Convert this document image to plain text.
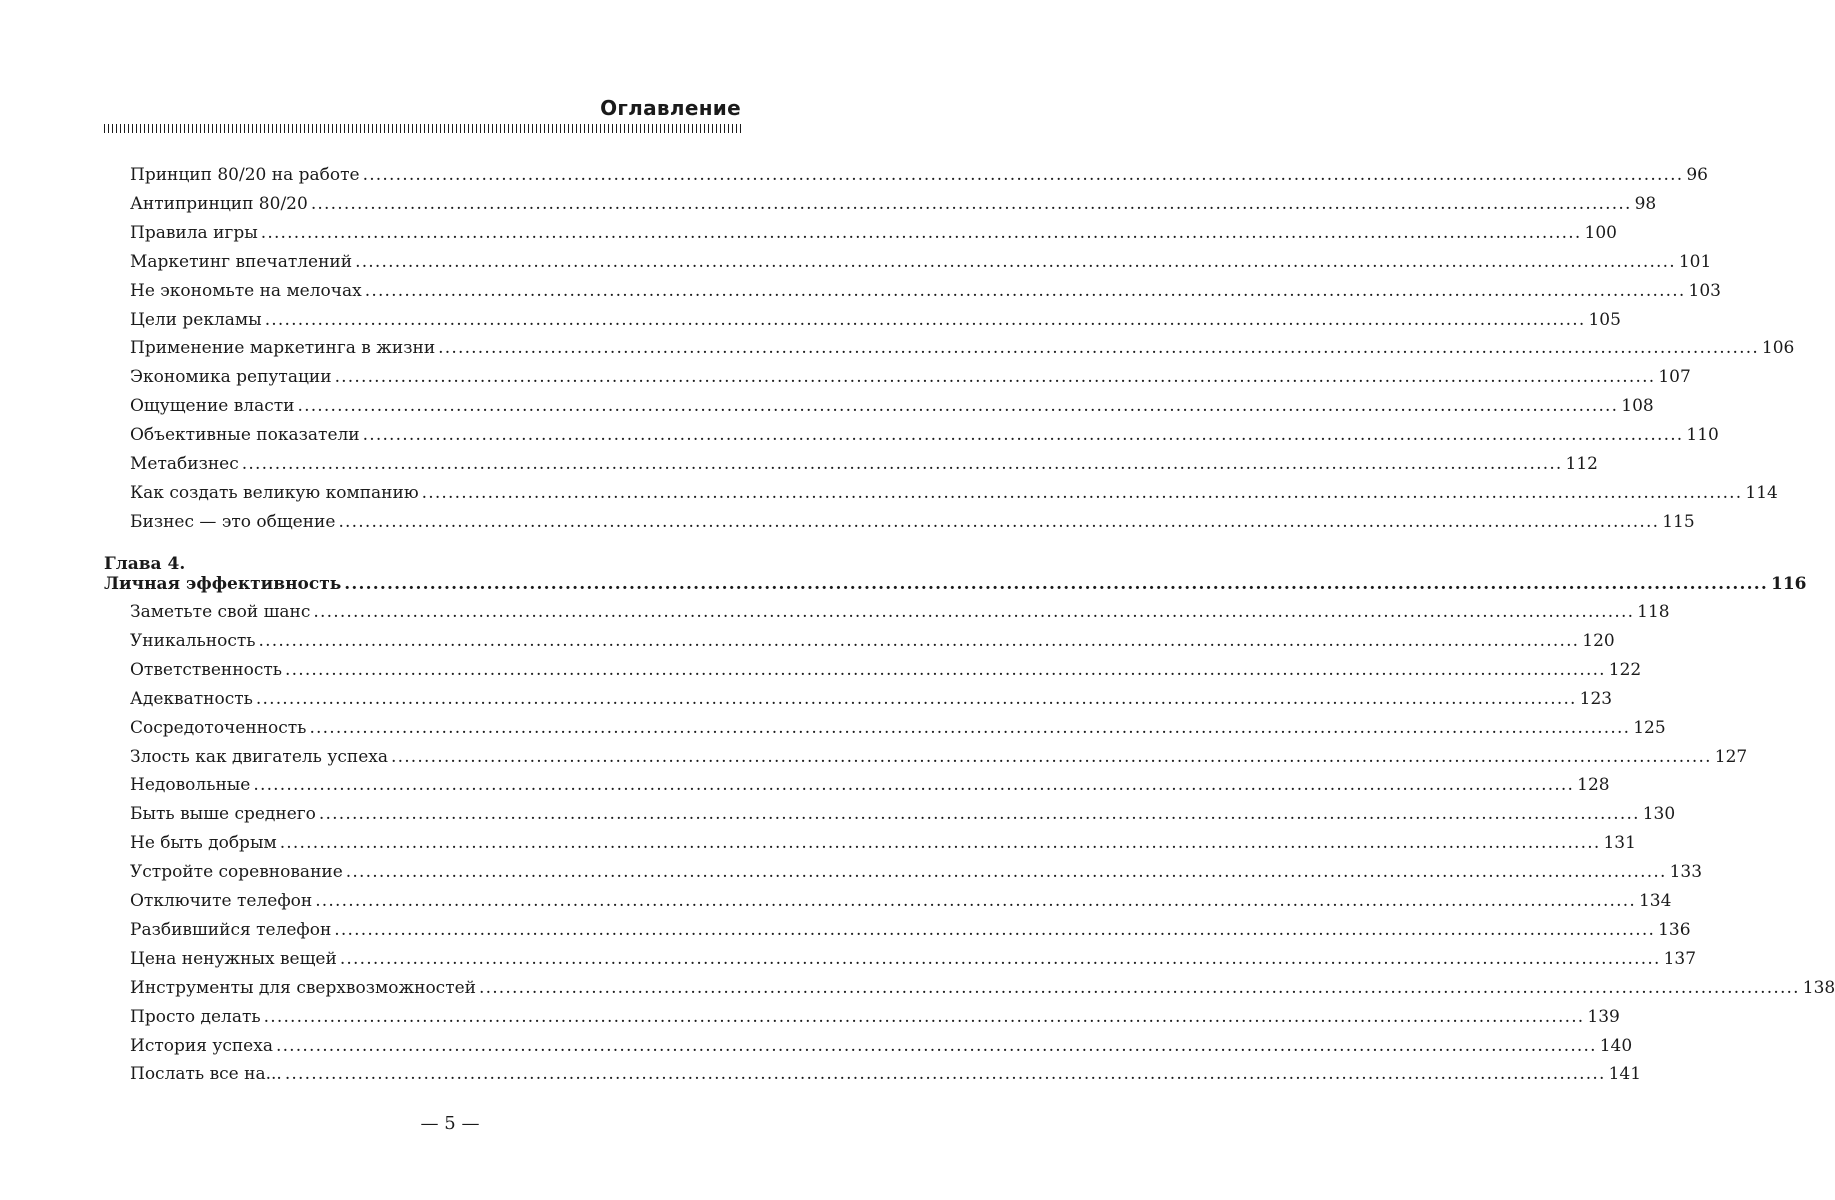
Оглавление
Глава 4.
Принцип 80/20 на работе ........................................................................................................................................................................................................ 96
Антипринцип 80/20 ........................................................................................................................................................................................................ 98
Правила игры ........................................................................................................................................................................................................ 100
Маркетинг впечатлений ........................................................................................................................................................................................................ 101
Не экономьте на мелочах ........................................................................................................................................................................................................ 103
Цели рекламы ........................................................................................................................................................................................................ 105
Применение маркетинга в жизни ........................................................................................................................................................................................................ 106
Экономика репутации ........................................................................................................................................................................................................ 107
Ощущение власти ........................................................................................................................................................................................................ 108
Объективные показатели ........................................................................................................................................................................................................ 110
Метабизнес ........................................................................................................................................................................................................ 112
Как создать великую компанию ........................................................................................................................................................................................................ 114
Бизнес — это общение ........................................................................................................................................................................................................ 115
Личная эффективность ........................................................................................................................................................................................................ 116
Заметьте свой шанс ........................................................................................................................................................................................................ 118
Уникальность ........................................................................................................................................................................................................ 120
Ответственность ........................................................................................................................................................................................................ 122
Адекватность ........................................................................................................................................................................................................ 123
Сосредоточенность ........................................................................................................................................................................................................ 125
Злость как двигатель успеха ........................................................................................................................................................................................................ 127
Недовольные ........................................................................................................................................................................................................ 128
Быть выше среднего ........................................................................................................................................................................................................ 130
Не быть добрым ........................................................................................................................................................................................................ 131
Устройте соревнование ........................................................................................................................................................................................................ 133
Отключите телефон ........................................................................................................................................................................................................ 134
Разбившийся телефон ........................................................................................................................................................................................................ 136
Цена ненужных вещей ........................................................................................................................................................................................................ 137
Инструменты для сверхвозможностей ........................................................................................................................................................................................................ 138
Просто делать ........................................................................................................................................................................................................ 139
История успеха ........................................................................................................................................................................................................ 140
Послать все на... ........................................................................................................................................................................................................ 141
— 5 —
